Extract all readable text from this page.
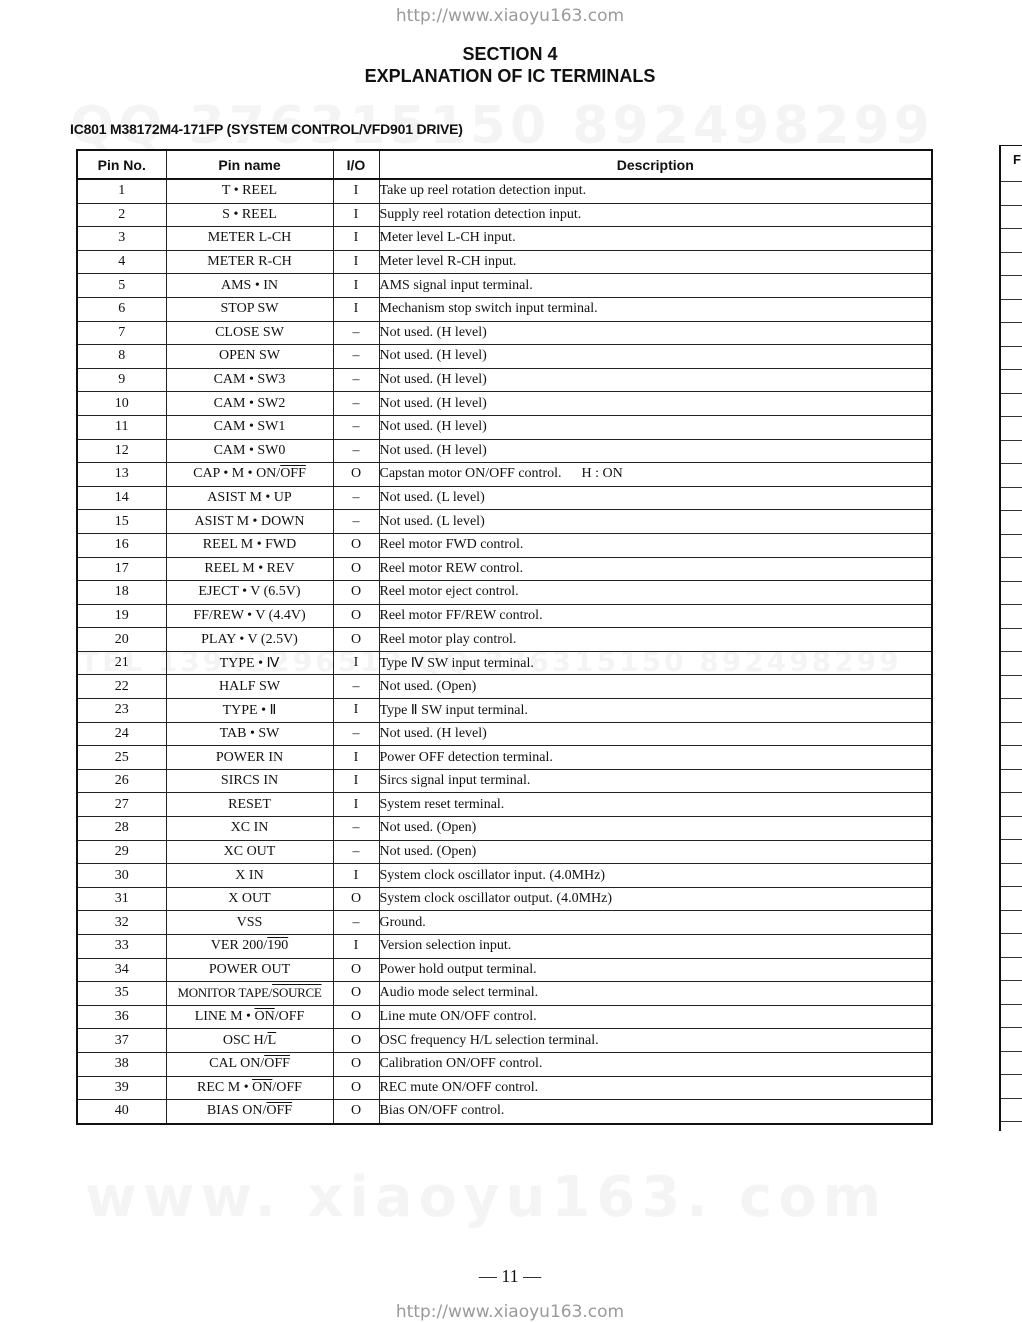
http://www.xiaoyu163.com
SECTION 4
EXPLANATION OF IC TERMINALS
IC801 M38172M4-171FP (SYSTEM CONTROL/VFD901 DRIVE)
Pin No.	Pin name	I/O	Description
1	T • REEL	I	Take up reel rotation detection input.
2	S • REEL	I	Supply reel rotation detection input.
3	METER L-CH	I	Meter level L-CH input.
4	METER R-CH	I	Meter level R-CH input.
5	AMS • IN	I	AMS signal input terminal.
6	STOP SW	I	Mechanism stop switch input terminal.
7	CLOSE SW	–	Not used. (H level)
8	OPEN SW	–	Not used. (H level)
9	CAM • SW3	–	Not used. (H level)
10	CAM • SW2	–	Not used. (H level)
11	CAM • SW1	–	Not used. (H level)
12	CAM • SW0	–	Not used. (H level)
13	CAP • M • $ON/\overline{OFF}$	O	Capstan motor ON/OFF control. H : ON
14	ASIST M • UP	–	Not used. (L level)
15	ASIST M • DOWN	–	Not used. (L level)
16	REEL M • FWD	O	Reel motor FWD control.
17	REEL M • REV	O	Reel motor REW control.
18	EJECT • V (6.5V)	O	Reel motor eject control.
19	FF/REW • V (4.4V)	O	Reel motor FF/REW control.
20	PLAY • V (2.5V)	O	Reel motor play control.
21	TYPE • Ⅳ	I	Type Ⅳ SW input terminal.
22	HALF SW	–	Not used. (Open)
23	TYPE • Ⅱ	I	Type Ⅱ SW input terminal.
24	TAB • SW	–	Not used. (H level)
25	POWER IN	I	Power OFF detection terminal.
26	SIRCS IN	I	Sircs signal input terminal.
27	RESET	I	System reset terminal.
28	XC IN	–	Not used. (Open)
29	XC OUT	–	Not used. (Open)
30	X IN	I	System clock oscillator input. (4.0MHz)
31	X OUT	O	System clock oscillator output. (4.0MHz)
32	VSS	–	Ground.
33	VER 200/190	I	Version selection input.
34	POWER OUT	O	Power hold output terminal.
35	MONITOR TAPE/SOURCE	O	Audio mode select terminal.
36	LINE M • $\overline{ON}$/OFF	O	Line mute ON/OFF control.
37	OSC $H/\overline{L}$	O	OSC frequency H/L selection terminal.
38	CAL $ON/\overline{OFF}$	O	Calibration ON/OFF control.
39	REC M • $\overline{ON}$/OFF	O	REC mute ON/OFF control.
40	BIAS $ON/\overline{OFF}$	O	Bias ON/OFF control.
F
— 11 —
http://www.xiaoyu163.com
